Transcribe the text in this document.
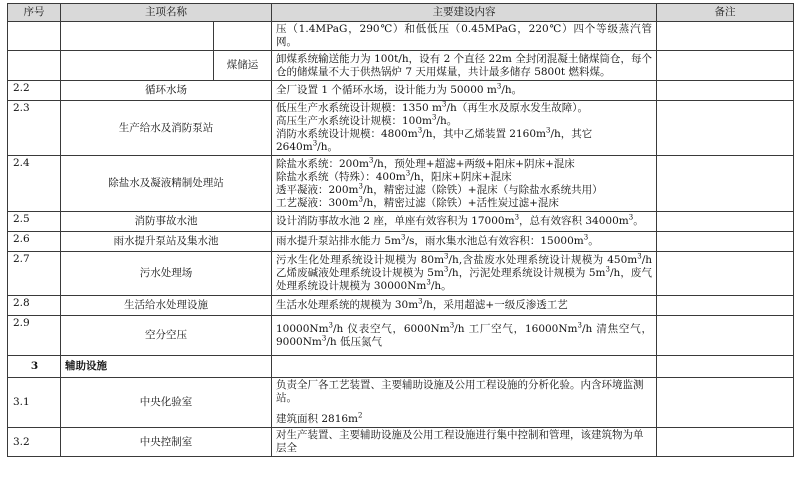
序号	主项名称		主要建设内容	备注

			压（1.4MPaG，290℃）和低低压（0.45MPaG，220℃）四个等级蒸汽管网。	

		煤储运	卸煤系统输送能力为 100t/h，设有 2 个直径 22m 全封闭混凝土储煤筒仓，每个仓的储煤量不大于供热锅炉 7 天用煤量，共计最多储存 5800t 燃料煤。	

2.2	循环水场		全厂设置 1 个循环水场，设计能力为 50000 $m^3/h$。	

2.3	生产给水及消防泵站		低压生产水系统设计规模：1350 $m^3/h$（再生水及原水发生故障）。
高压生产水系统设计规模：$100m^3/h$。
消防水系统设计规模：$4800m^3/h$，其中乙烯装置 $2160m^3/h$，其它 $2640m^3/h$。	

2.4	除盐水及凝液精制处理站		除盐水系统：$200m^3/h$，预处理+超滤+两级+阳床+阴床+混床
除盐水系统（特殊）：$400m^3/h$，阳床+阴床+混床
透平凝液：$200m^3/h$，精密过滤（除铁）+混床（与除盐水系统共用）
工艺凝液：$300m^3/h$，精密过滤（除铁）+活性炭过滤+混床	

2.5	消防事故水池		设计消防事故水池 2 座，单座有效容积为 $17000m^3$，总有效容积 $34000m^3$。	

2.6	雨水提升泵站及集水池		雨水提升泵站排水能力 $5m^3/s$，雨水集水池总有效容积：$15000m^3$。	

2.7	污水处理场		污水生化处理系统设计规模为 $80m^3/h$,含盐废水处理系统设计规模为 $450m^3/h$ 乙烯废碱液处理系统设计规模为 $5m^3/h$，污泥处理系统设计规模为 $5m^3/h$，废气处理系统设计规模为 30000Nm$^3$/h。	

2.8	生活给水处理设施		生活水处理系统的规模为 $30m^3/h$，采用超滤+一级反渗透工艺	

2.9	空分空压		10000Nm$^3$/h 仪表空气，6000Nm$^3$/h 工厂空气，16000Nm$^3$/h 清焦空气，9000Nm$^3$/h 低压氮气	

3	辅助设施			
3.1	中央化验室		负责全厂各工艺装置、主要辅助设施及公用工程设施的分析化验。内含环境监测站。
建筑面积 $2816m^2$

3.2	中央控制室		对生产装置、主要辅助设施及公用工程设施进行集中控制和管理，该建筑物为单层全	
